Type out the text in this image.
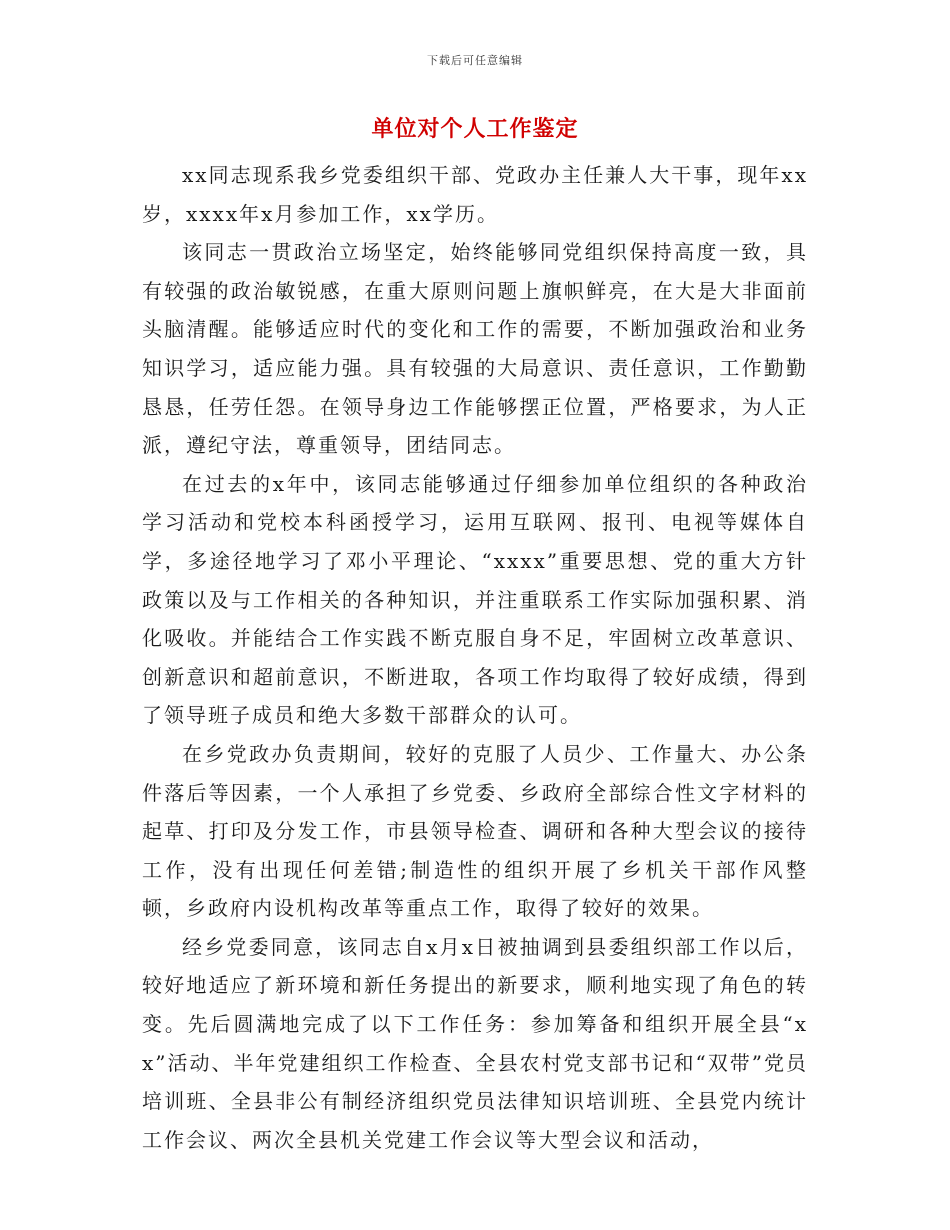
下载后可任意编辑
单位对个人工作鉴定

xx同志现系我乡党委组织干部、党政办主任兼人大干事，现年xx岁，xxxx年x月参加工作，xx学历。

该同志一贯政治立场坚定，始终能够同党组织保持高度一致，具有较强的政治敏锐感，在重大原则问题上旗帜鲜亮，在大是大非面前头脑清醒。能够适应时代的变化和工作的需要，不断加强政治和业务知识学习，适应能力强。具有较强的大局意识、责任意识，工作勤勤恳恳，任劳任怨。在领导身边工作能够摆正位置，严格要求，为人正派，遵纪守法，尊重领导，团结同志。

在过去的x年中，该同志能够通过仔细参加单位组织的各种政治学习活动和党校本科函授学习，运用互联网、报刊、电视等媒体自学，多途径地学习了邓小平理论、“xxxx”重要思想、党的重大方针政策以及与工作相关的各种知识，并注重联系工作实际加强积累、消化吸收。并能结合工作实践不断克服自身不足，牢固树立改革意识、创新意识和超前意识，不断进取，各项工作均取得了较好成绩，得到了领导班子成员和绝大多数干部群众的认可。

在乡党政办负责期间，较好的克服了人员少、工作量大、办公条件落后等因素，一个人承担了乡党委、乡政府全部综合性文字材料的起草、打印及分发工作，市县领导检查、调研和各种大型会议的接待工作，没有出现任何差错;制造性的组织开展了乡机关干部作风整顿，乡政府内设机构改革等重点工作，取得了较好的效果。

经乡党委同意，该同志自x月x日被抽调到县委组织部工作以后，较好地适应了新环境和新任务提出的新要求，顺利地实现了角色的转变。先后圆满地完成了以下工作任务：参加筹备和组织开展全县“xx”活动、半年党建组织工作检查、全县农村党支部书记和“双带”党员培训班、全县非公有制经济组织党员法律知识培训班、全县党内统计工作会议、两次全县机关党建工作会议等大型会议和活动，
